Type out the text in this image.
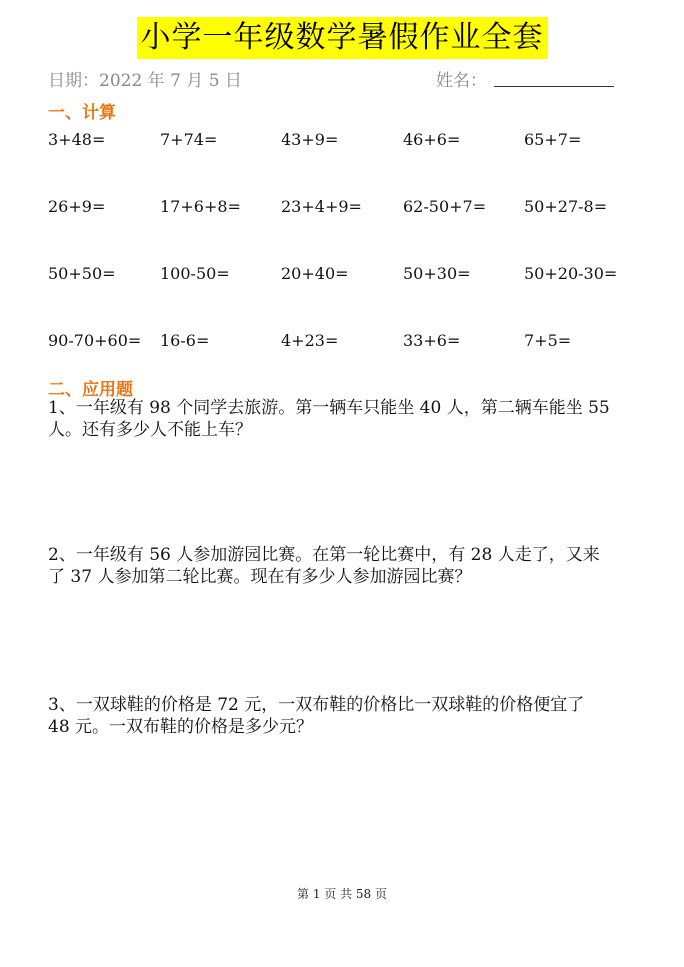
小学一年级数学暑假作业全套
日期：2022 年 7 月 5 日	姓名：
一、计算
3+48=	7+74=	43+9=	46+6=	65+7=
26+9=	17+6+8=	23+4+9=	62-50+7= 50+27-8=
50+50=	100-50=	20+40=	50+30=	50+20-30=
90-70+60= 16-6=	4+23=	33+6=	7+5=
二、应用题
1、一年级有 98 个同学去旅游。第一辆车只能坐 40 人，第二辆车能坐 55
人。还有多少人不能上车？
2、一年级有 56 人参加游园比赛。在第一轮比赛中，有 28 人走了，又来
了 37 人参加第二轮比赛。现在有多少人参加游园比赛？
3、一双球鞋的价格是 72 元，一双布鞋的价格比一双球鞋的价格便宜了
48 元。一双布鞋的价格是多少元？
第 1 页 共 58 页
